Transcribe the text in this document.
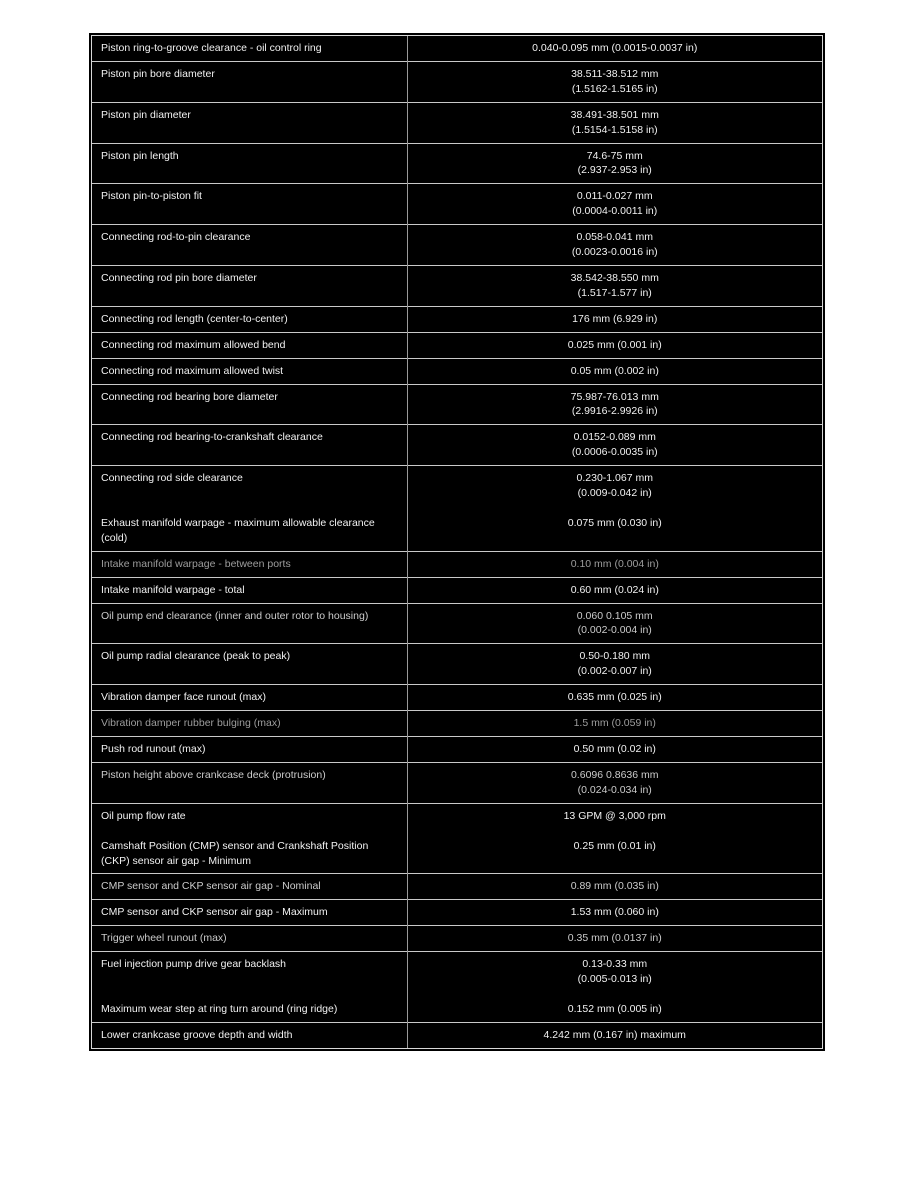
Piston ring-to-groove clearance - oil control ring	0.040-0.095 mm (0.0015-0.0037 in)

Piston pin bore diameter	38.511-38.512 mm
(1.5162-1.5165 in)

Piston pin diameter	38.491-38.501 mm
(1.5154-1.5158 in)

Piston pin length	74.6-75 mm
(2.937-2.953 in)

Piston pin-to-piston fit	0.011-0.027 mm
(0.0004-0.0011 in)

Connecting rod-to-pin clearance	0.058-0.041 mm
(0.0023-0.0016 in)

Connecting rod pin bore diameter	38.542-38.550 mm
(1.517-1.577 in)

Connecting rod length (center-to-center)	176 mm (6.929 in)

Connecting rod maximum allowed bend	0.025 mm (0.001 in)

Connecting rod maximum allowed twist	0.05 mm (0.002 in)

Connecting rod bearing bore diameter	75.987-76.013 mm
(2.9916-2.9926 in)

Connecting rod bearing-to-crankshaft clearance	0.0152-0.089 mm
(0.0006-0.0035 in)

Connecting rod side clearance	0.230-1.067 mm
(0.009-0.042 in)

Exhaust manifold warpage - maximum allowable clearance (cold)	0.075 mm (0.030 in)

Intake manifold warpage - between ports	0.10 mm (0.004 in)

Intake manifold warpage - total	0.60 mm (0.024 in)

Oil pump end clearance (inner and outer rotor to housing)	0.060 0.105 mm
(0.002-0.004 in)

Oil pump radial clearance (peak to peak)	0.50-0.180 mm
(0.002-0.007 in)

Vibration damper face runout (max)	0.635 mm (0.025 in)

Vibration damper rubber bulging (max)	1.5 mm (0.059 in)

Push rod runout (max)	0.50 mm (0.02 in)

Piston height above crankcase deck (protrusion)	0.6096 0.8636 mm
(0.024-0.034 in)

Oil pump flow rate	13 GPM @ 3,000 rpm

Camshaft Position (CMP) sensor and Crankshaft Position (CKP) sensor air gap - Minimum	0.25 mm (0.01 in)

CMP sensor and CKP sensor air gap - Nominal	0.89 mm (0.035 in)

CMP sensor and CKP sensor air gap - Maximum	1.53 mm (0.060 in)

Trigger wheel runout (max)	0.35 mm (0.0137 in)

Fuel injection pump drive gear backlash	0.13-0.33 mm
(0.005-0.013 in)

Maximum wear step at ring turn around (ring ridge)	0.152 mm (0.005 in)

Lower crankcase groove depth and width	4.242 mm (0.167 in) maximum
